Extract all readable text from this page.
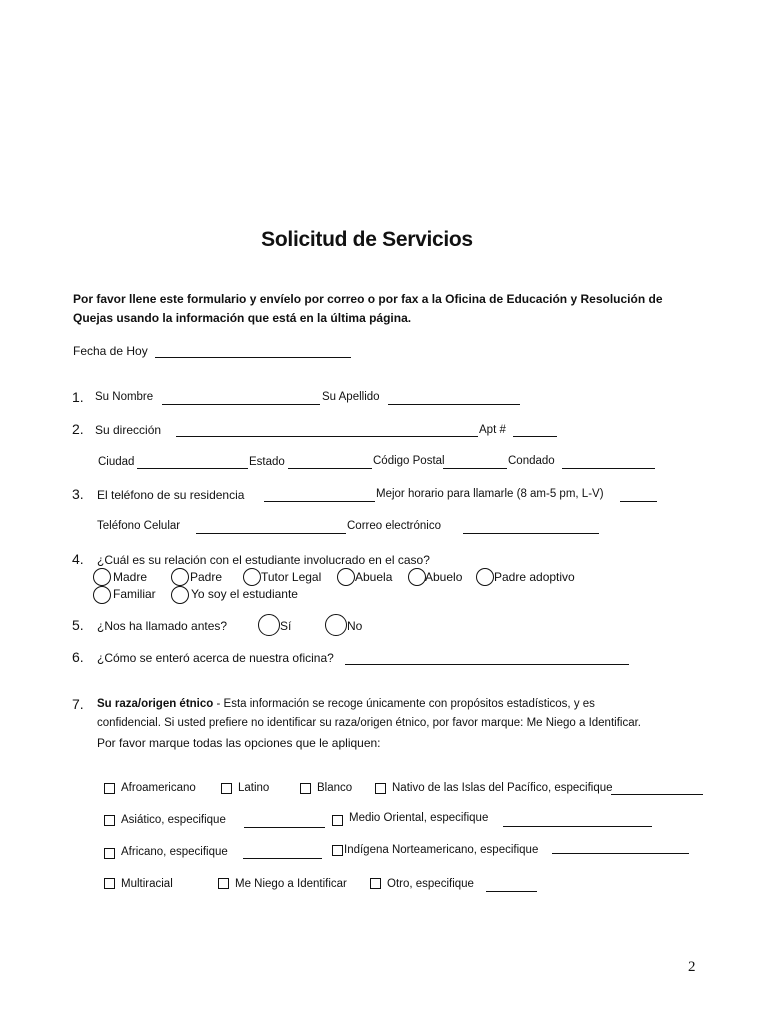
Solicitud de Servicios
Por favor llene este formulario y envíelo por correo o por fax a la Oficina de Educación y Resolución de
Quejas usando la información que está en la última página.
Fecha de Hoy
1. Su Nombre	Su Apellido
2. Su dirección	Apt #
Ciudad	Estado	Código Postal	Condado
3. El teléfono de su residencia	Mejor horario para llamarle (8 am-5 pm, L-V)
Teléfono Celular	Correo electrónico
4. ¿Cuál es su relación con el estudiante involucrado en el caso?
Madre	Padre	Tutor Legal	Abuela	Abuelo	Padre adoptivo
Familiar	Yo soy el estudiante
5. ¿Nos ha llamado antes?	Sí	No
6. ¿Cómo se enteró acerca de nuestra oficina?
7. Su raza/origen étnico - Esta información se recoge únicamente con propósitos estadísticos, y es
confidencial. Si usted prefiere no identificar su raza/origen étnico, por favor marque: Me Niego a Identificar.
Por favor marque todas las opciones que le apliquen:
Afroamericano	Latino	Blanco	Nativo de las Islas del Pacífico, especifique
Asiático, especifique	Medio Oriental, especifique
Africano, especifique	Indígena Norteamericano, especifique
Multiracial	Me Niego a Identificar	Otro, especifique
2
